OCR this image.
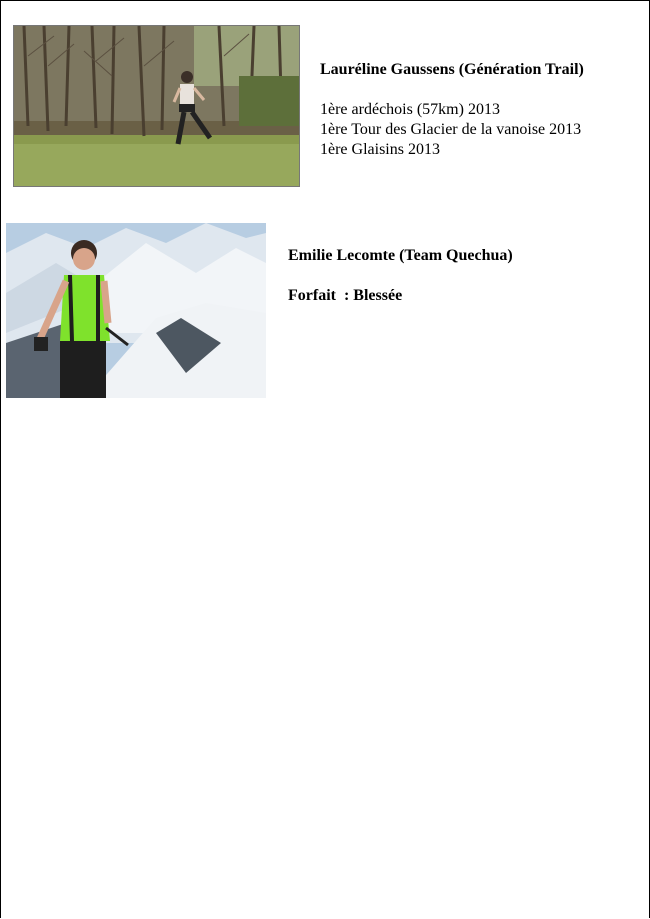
Lauréline Gaussens (Génération Trail)

1ère ardéchois (57km) 2013
1ère Tour des Glacier de la vanoise 2013
1ère Glaisins 2013

Emilie Lecomte (Team Quechua)

Forfait  : Blessée
